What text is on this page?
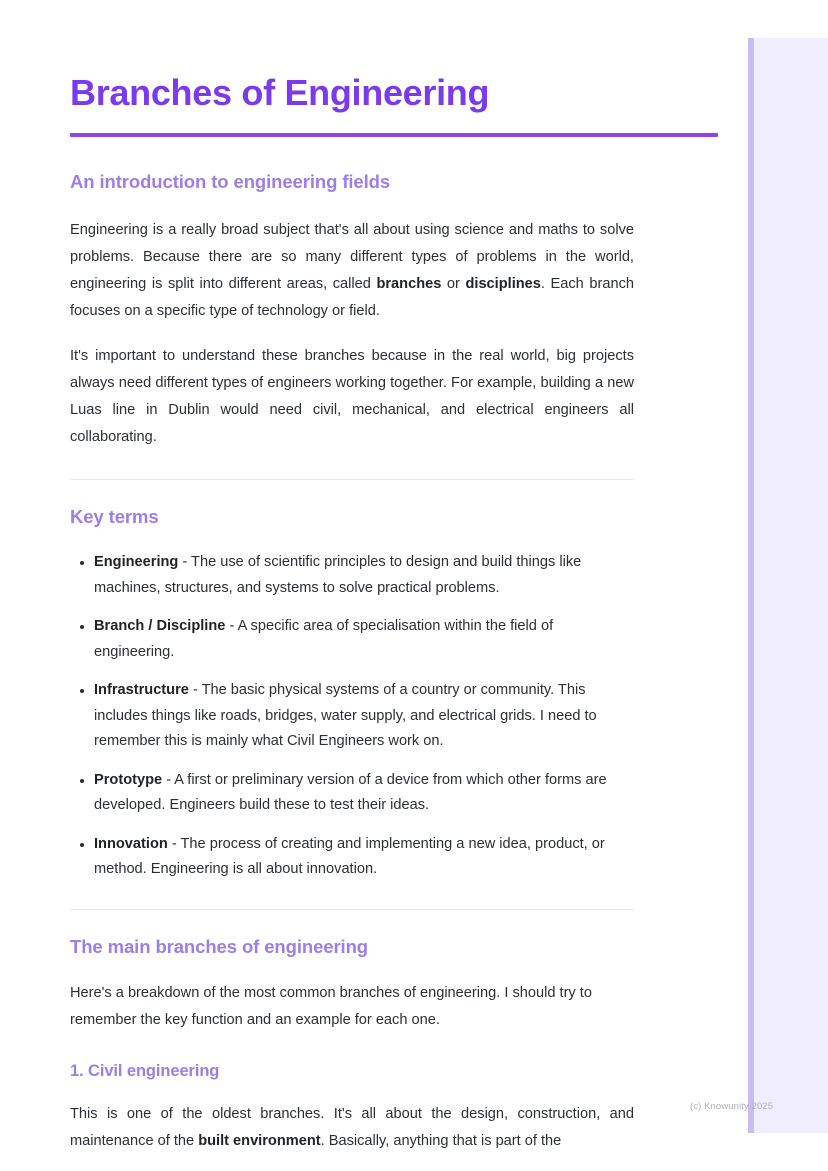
(c) Knowunity 2025
Branches of Engineering
An introduction to engineering fields

Engineering is a really broad subject that's all about using science and maths to solve problems. Because there are so many different types of problems in the world, engineering is split into different areas, called branches or disciplines. Each branch focuses on a specific type of technology or field.

It's important to understand these branches because in the real world, big projects always need different types of engineers working together. For example, building a new Luas line in Dublin would need civil, mechanical, and electrical engineers all collaborating.

Key terms
Engineering - The use of scientific principles to design and build things like machines, structures, and systems to solve practical problems.
Branch / Discipline - A specific area of specialisation within the field of engineering.
Infrastructure - The basic physical systems of a country or community. This includes things like roads, bridges, water supply, and electrical grids. I need to remember this is mainly what Civil Engineers work on.
Prototype - A first or preliminary version of a device from which other forms are developed. Engineers build these to test their ideas.
Innovation - The process of creating and implementing a new idea, product, or method. Engineering is all about innovation.
The main branches of engineering

Here's a breakdown of the most common branches of engineering. I should try to remember the key function and an example for each one.

1. Civil engineering

This is one of the oldest branches. It's all about the design, construction, and maintenance of the built environment. Basically, anything that is part of the
